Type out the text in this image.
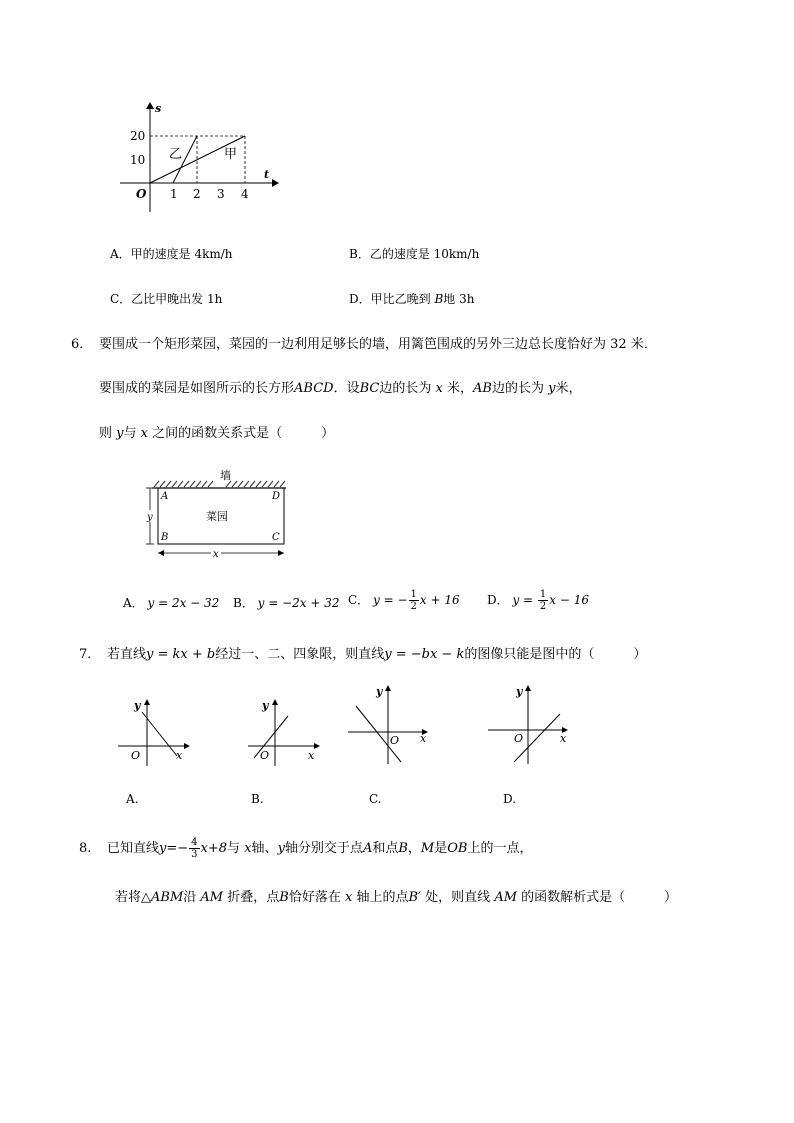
s
t
O
20
10
1 2 3 4
乙	甲
A．甲的速度是 4km/h	B．乙的速度是 10km/h
C．乙比甲晚出发 1h	D．甲比乙晚到 B地 3h
6． 要围成一个矩形菜园，菜园的一边利用足够长的墙，用篱笆围成的另外三边总长度恰好为 32 米．
要围成的菜园是如图所示的长方形ABCD．设BC边的长为 x 米，AB边的长为 y米，
则 y与 x 之间的函数关系式是（　　　）
墙
A	D
B	C
菜园
y
x
A． y = 2x − 32 B． y = −2x + 32 C． y = − $\frac{1}{2}$ x + 16 D． $y = \frac{1}{2}$ x − 16
7． 若直线y = kx + b经过一、二、四象限，则直线y = −bx − k的图像只能是图中的（　　　）
y
x
O
y
x
O
y
x
O
y
x
O
A.	B.	C.	D.
8. 已知直线$y=- \frac{4}{3} x+8$与 x轴、y轴分别交于点A和点B，M是OB上的一点，
若将△ABM沿 AM 折叠，点B恰好落在 x 轴上的点B′ 处，则直线 AM 的函数解析式是（　　　）
